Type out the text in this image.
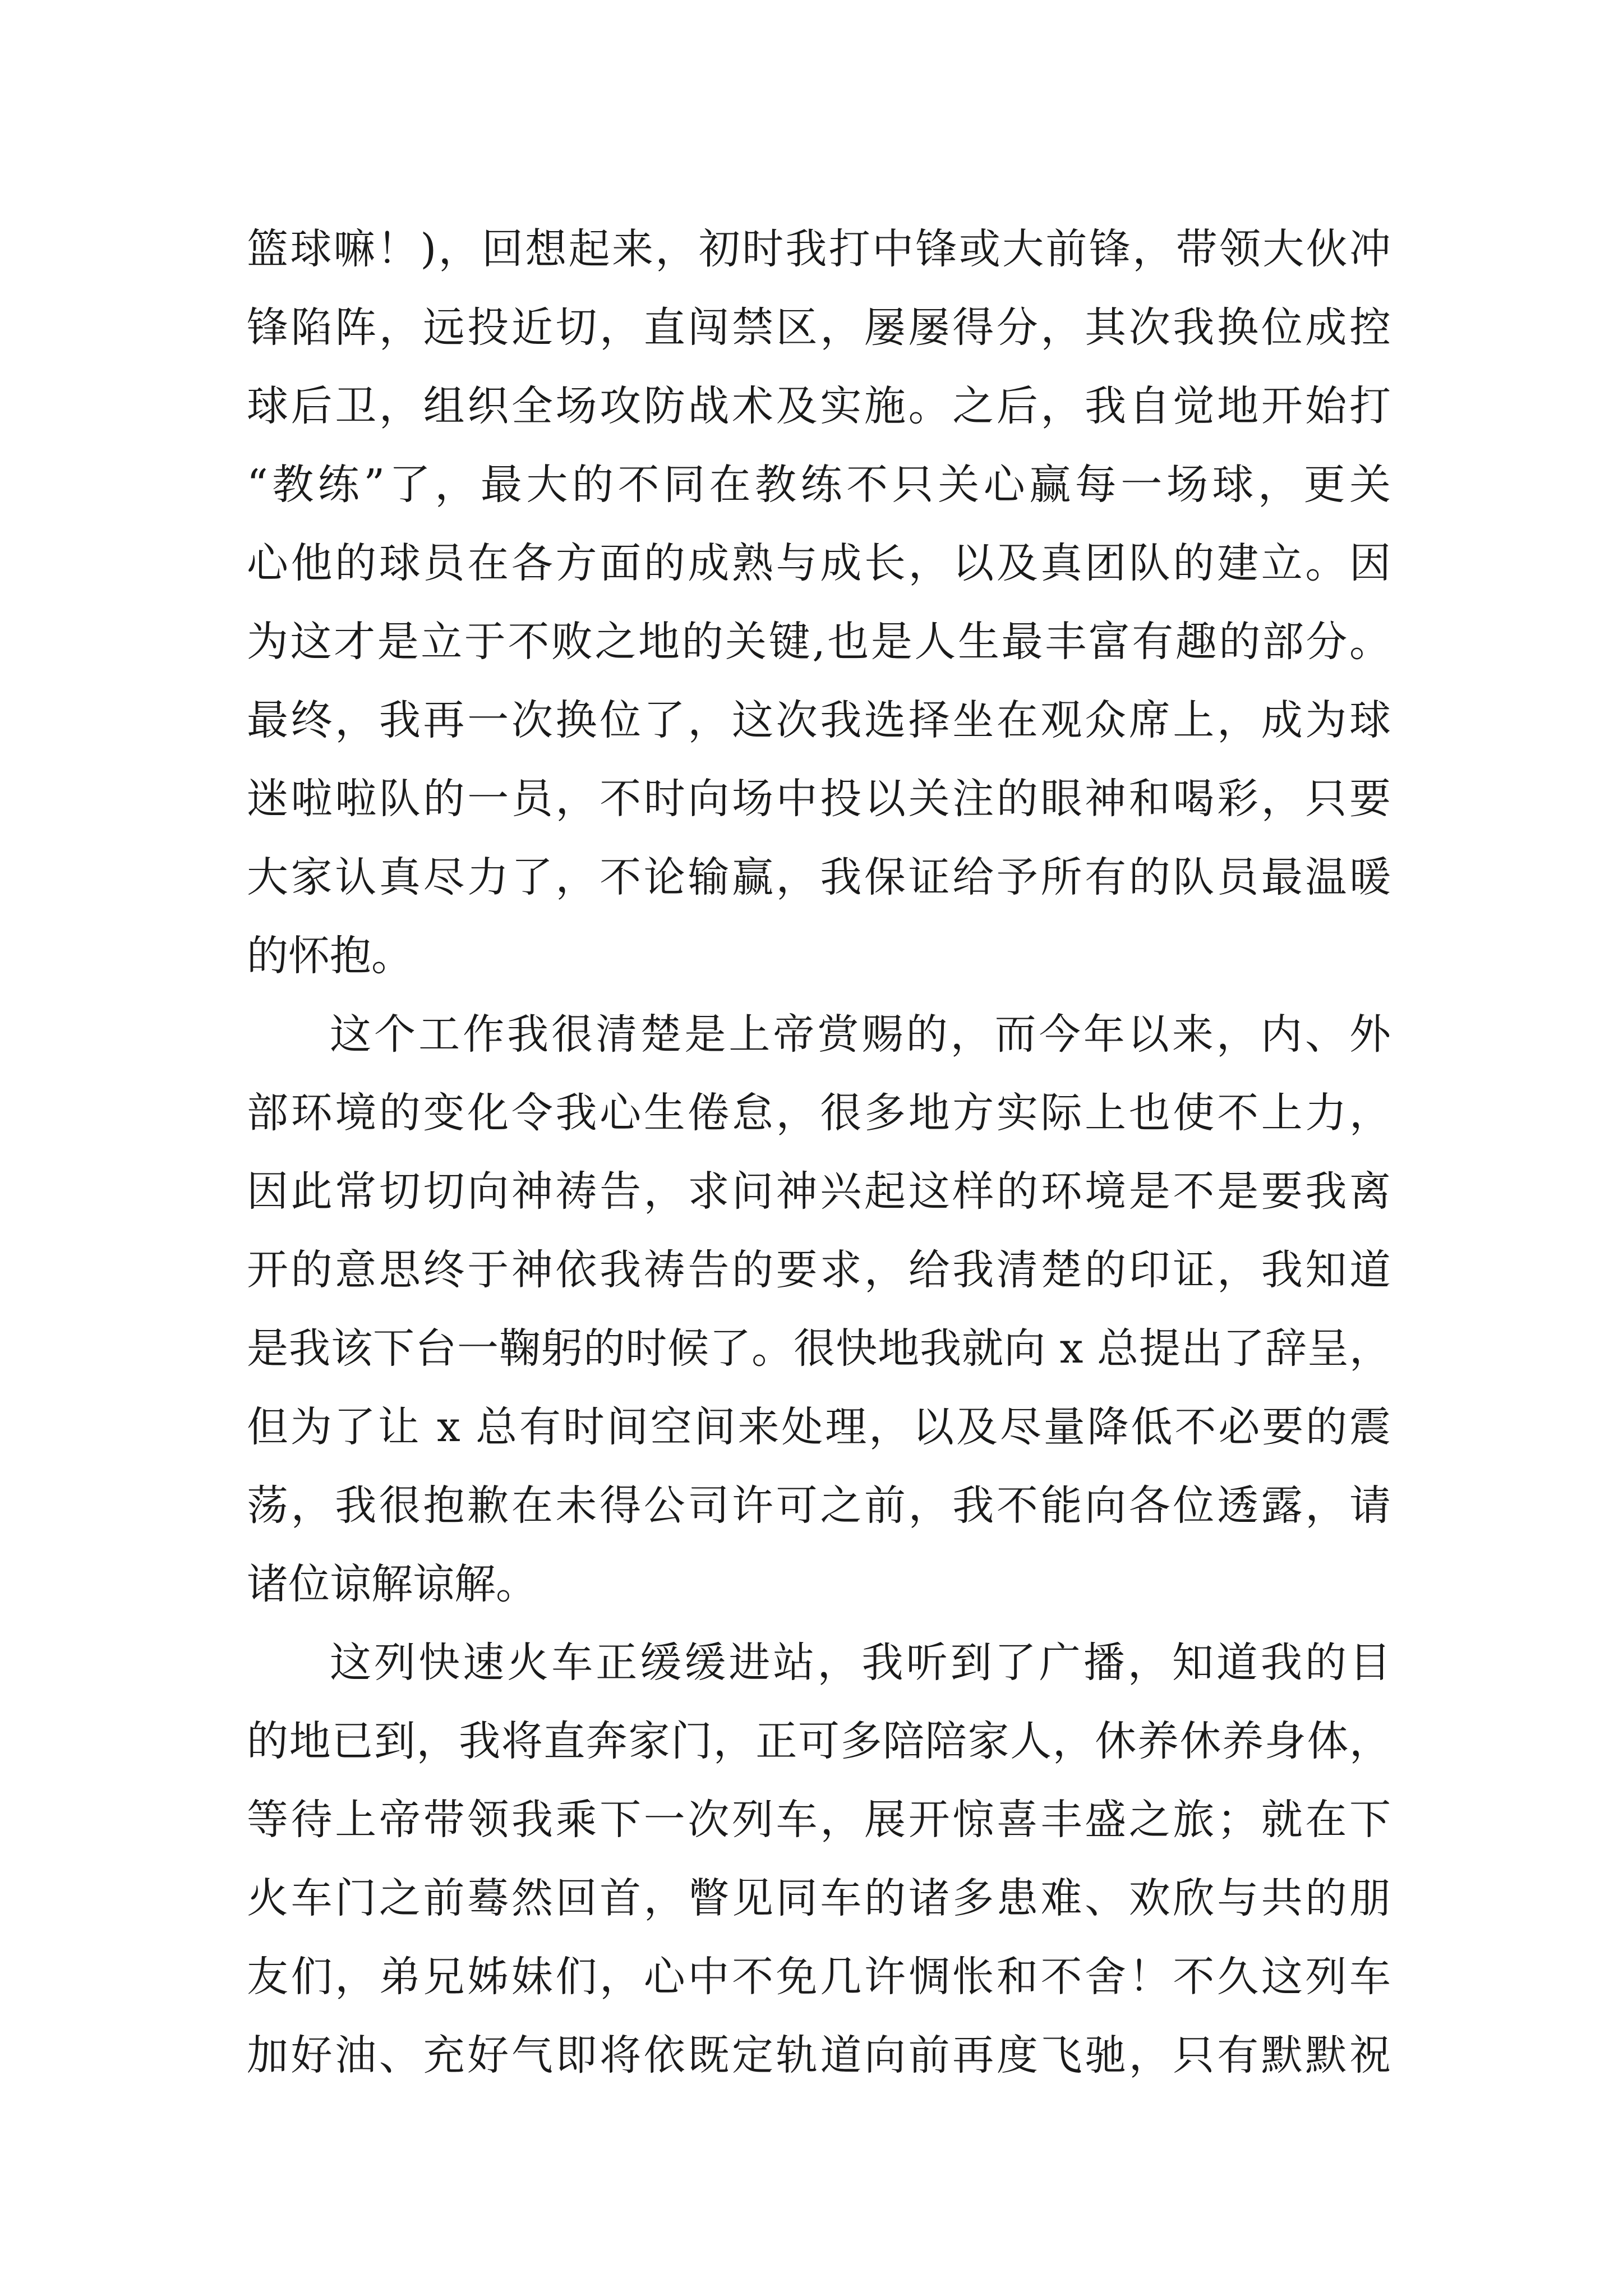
篮球嘛！)，回想起来，初时我打中锋或大前锋，带领大伙冲
锋陷阵，远投近切，直闯禁区，屡屡得分，其次我换位成控
球后卫，组织全场攻防战术及实施。之后，我自觉地开始打
“教练”了，最大的不同在教练不只关心赢每一场球，更关
心他的球员在各方面的成熟与成长，以及真团队的建立。因
为这才是立于不败之地的关键,也是人生最丰富有趣的部分。
最终，我再一次换位了，这次我选择坐在观众席上，成为球
迷啦啦队的一员，不时向场中投以关注的眼神和喝彩，只要
大家认真尽力了，不论输赢，我保证给予所有的队员最温暖
的怀抱。
这个工作我很清楚是上帝赏赐的，而今年以来，内、外
部环境的变化令我心生倦怠，很多地方实际上也使不上力，
因此常切切向神祷告，求问神兴起这样的环境是不是要我离
开的意思终于神依我祷告的要求，给我清楚的印证，我知道
是我该下台一鞠躬的时候了。很快地我就向 x 总提出了辞呈，
但为了让 x 总有时间空间来处理，以及尽量降低不必要的震
荡，我很抱歉在未得公司许可之前，我不能向各位透露，请
诸位谅解谅解。
这列快速火车正缓缓进站，我听到了广播，知道我的目
的地已到，我将直奔家门，正可多陪陪家人，休养休养身体，
等待上帝带领我乘下一次列车，展开惊喜丰盛之旅；就在下
火车门之前蓦然回首，瞥见同车的诸多患难、欢欣与共的朋
友们，弟兄姊妹们，心中不免几许惆怅和不舍！不久这列车
加好油、充好气即将依既定轨道向前再度飞驰，只有默默祝
